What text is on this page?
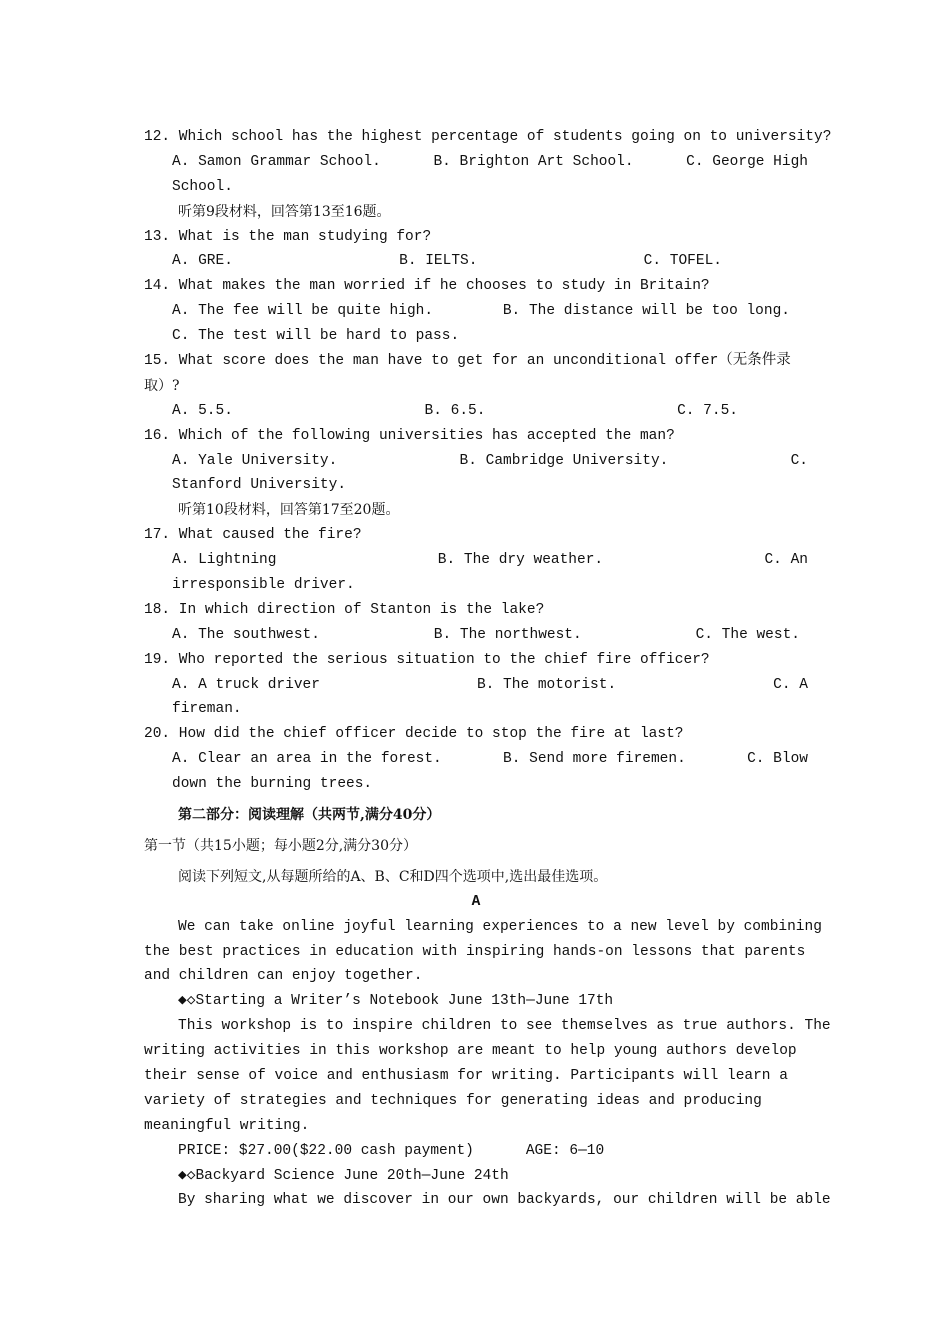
12. Which school has the highest percentage of students going on to university?
A. Samon Grammar School.	B. Brighton Art School.	C. George High
School.
听第9段材料，回答第13至16题。
13. What is the man studying for?
A. GRE.	B. IELTS.	C. TOFEL.
14. What makes the man worried if he chooses to study in Britain?
A. The fee will be quite high.	B. The distance will be too long.
C. The test will be hard to pass.
15. What score does the man have to get for an unconditional offer（无条件录
取）?
A. 5.5.	B. 6.5.	C. 7.5.
16. Which of the following universities has accepted the man?
A. Yale University.	B. Cambridge University.	C.
Stanford University.
听第10段材料，回答第17至20题。
17. What caused the fire?
A. Lightning	B. The dry weather.	C. An
irresponsible driver.
18. In which direction of Stanton is the lake?
A. The southwest.	B. The northwest.	C. The west.
19. Who reported the serious situation to the chief fire officer?
A. A truck driver	B. The motorist.	C. A
fireman.
20. How did the chief officer decide to stop the fire at last?
A. Clear an area in the forest.	B. Send more firemen.	C. Blow
down the burning trees.
第二部分：阅读理解（共两节,满分40分）
第一节（共15小题；每小题2分,满分30分）
阅读下列短文,从每题所给的A、B、C和D四个选项中,选出最佳选项。
A
We can take online joyful learning experiences to a new level by combining
the best practices in education with inspiring hands-on lessons that parents
and children can enjoy together.
◆◇Starting a Writer’s Notebook June 13th—June 17th
This workshop is to inspire children to see themselves as true authors. The
writing activities in this workshop are meant to help young authors develop
their sense of voice and enthusiasm for writing. Participants will learn a
variety of strategies and techniques for generating ideas and producing
meaningful writing.
PRICE: $27.00($22.00 cash payment)	AGE: 6—10
◆◇Backyard Science June 20th—June 24th
By sharing what we discover in our own backyards, our children will be able
